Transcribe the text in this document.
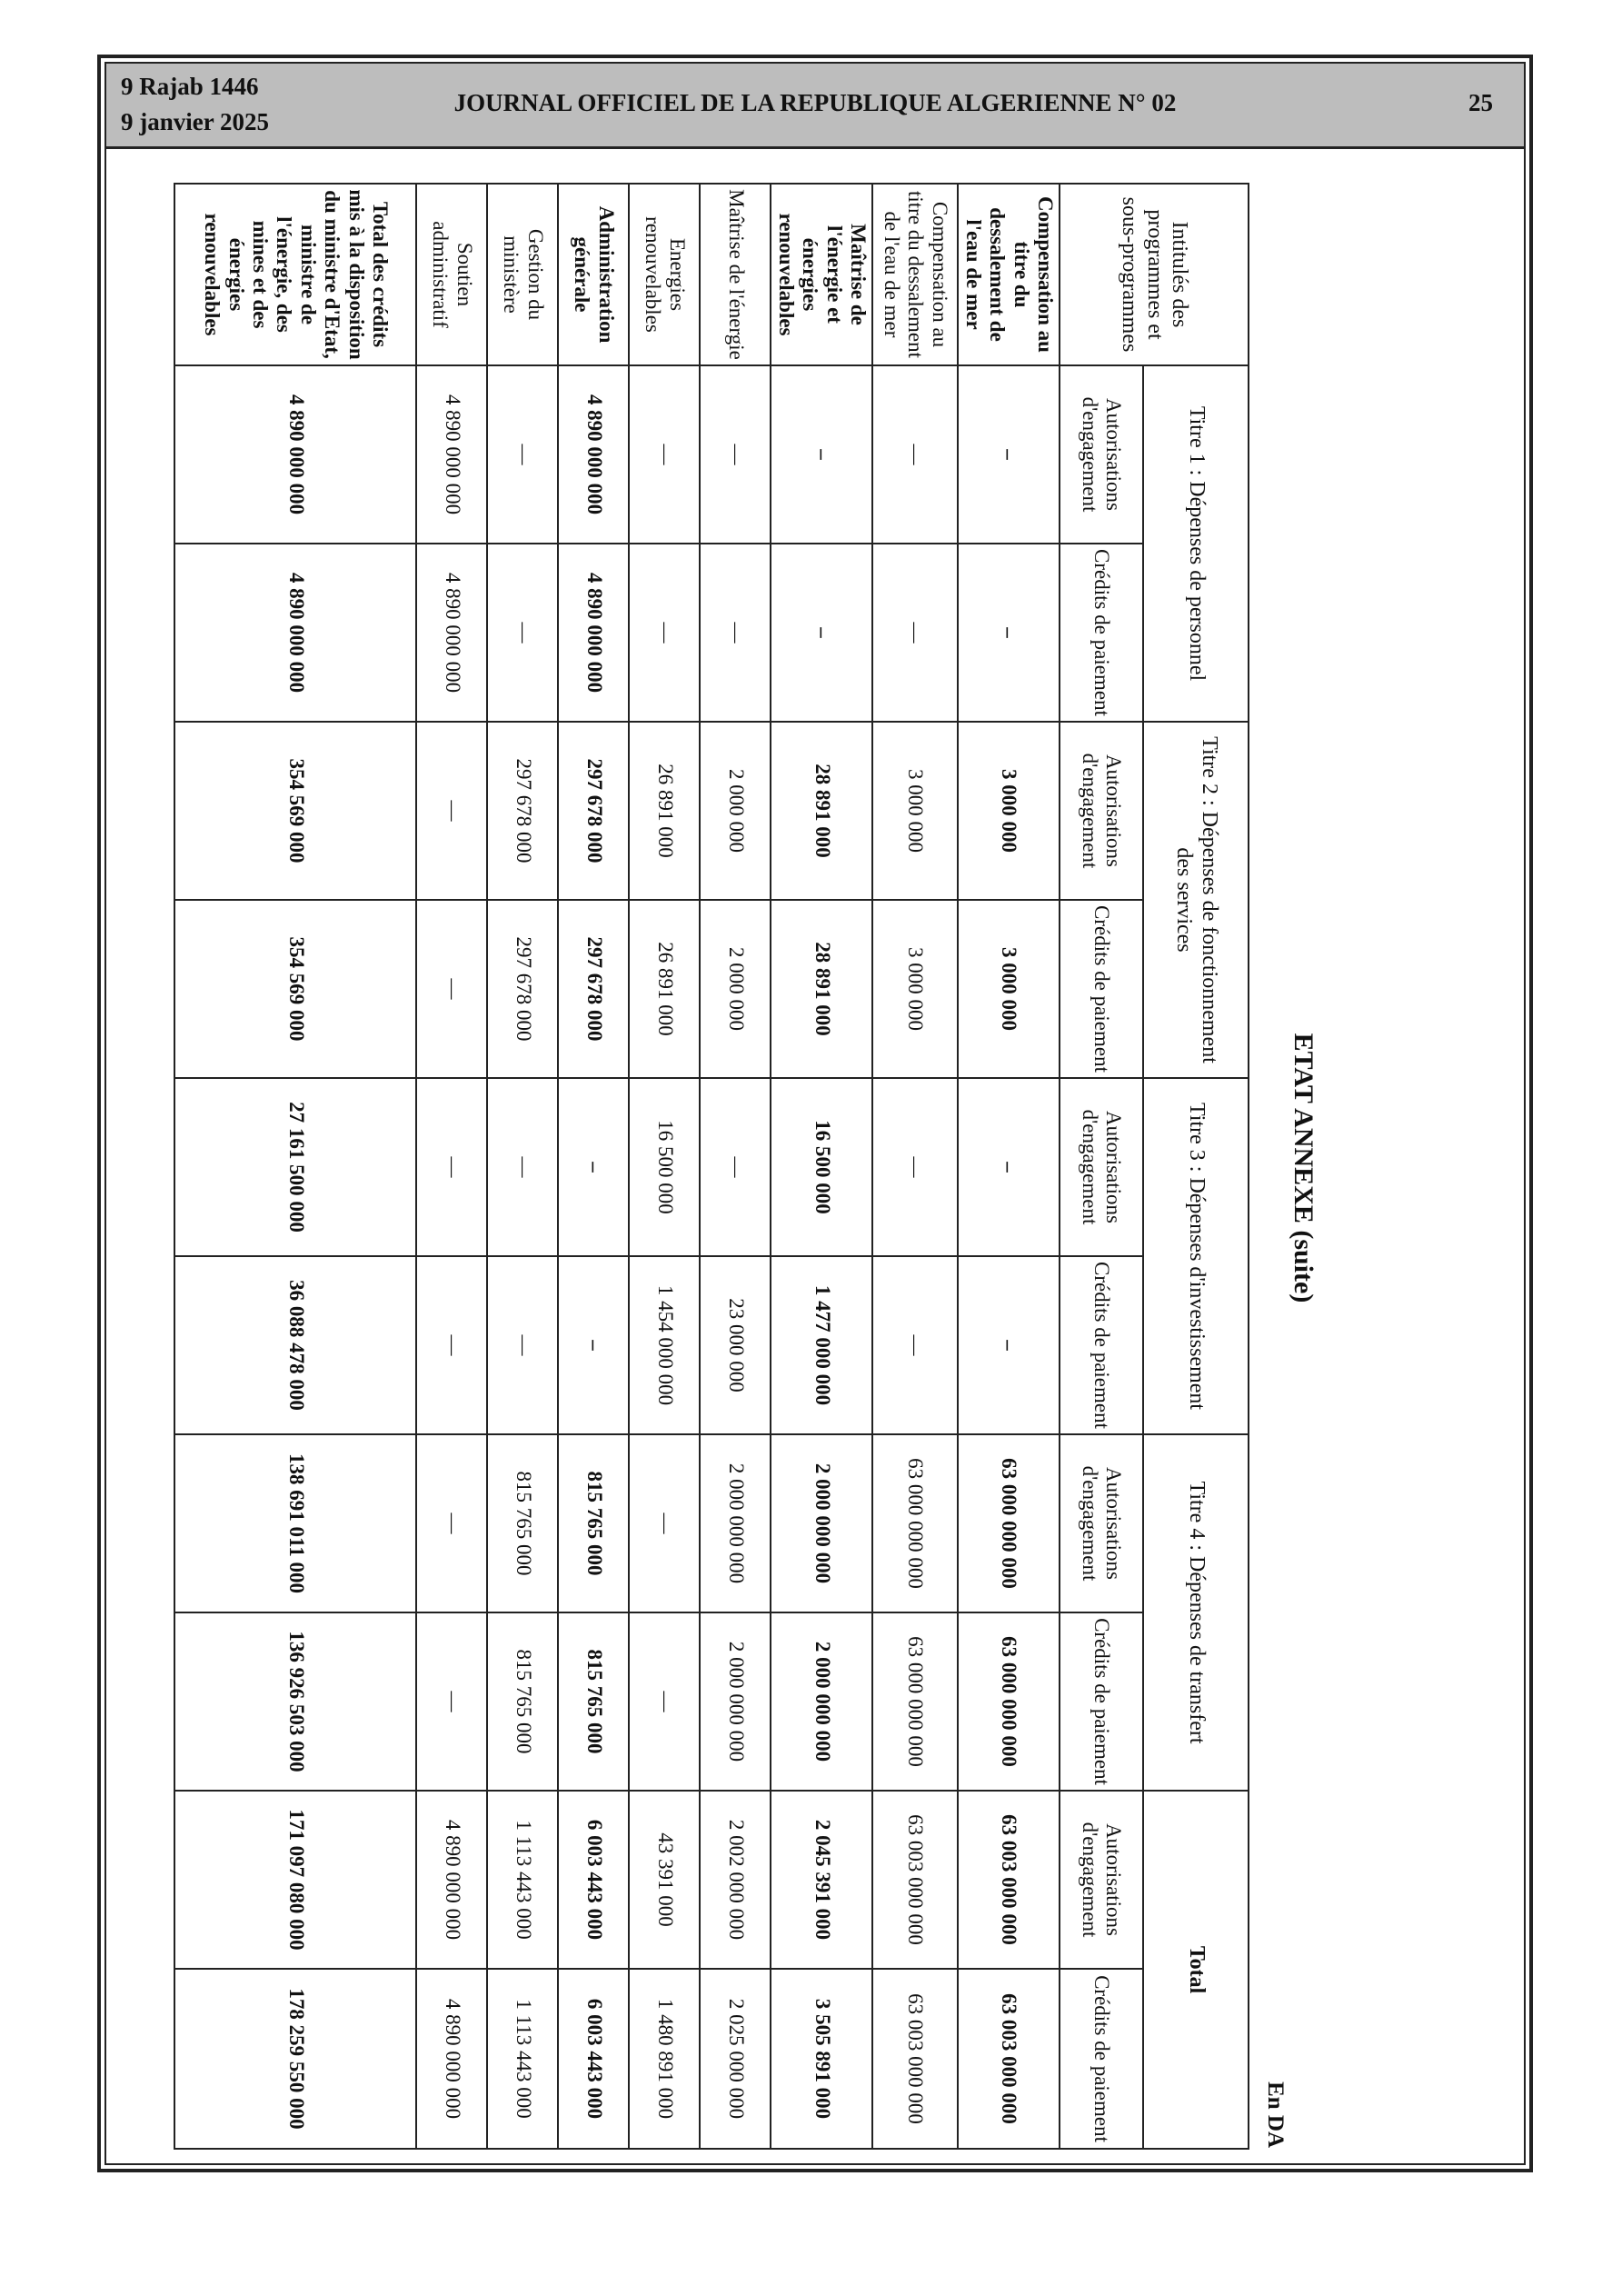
9 Rajab 1446
9 janvier 2025
JOURNAL OFFICIEL DE LA REPUBLIQUE ALGERIENNE N° 02	25
ETAT ANNEXE (suite)
En DA
Intitulés des programmes et sous-programmes	Titre 1 : Dépenses de personnel		Titre 2 : Dépenses de fonctionnement des services		Titre 3 : Dépenses d'investissement		Titre 4 : Dépenses de transfert		Total	
	Autorisations d'engagement	Crédits de paiement	Autorisations d'engagement	Crédits de paiement	Autorisations d'engagement	Crédits de paiement	Autorisations d'engagement	Crédits de paiement	Autorisations d'engagement	Crédits de paiement
Compensation au titre du dessalement de l'eau de mer	–	–	3 000 000	3 000 000	–	–	63 000 000 000	63 000 000 000	63 003 000 000	63 003 000 000
Compensation au titre du dessalement de l'eau de mer	—	—	3 000 000	3 000 000	—	—	63 000 000 000	63 000 000 000	63 003 000 000	63 003 000 000
Maîtrise de l'énergie et énergies renouvelables	–	–	28 891 000	28 891 000	16 500 000	1 477 000 000	2 000 000 000	2 000 000 000	2 045 391 000	3 505 891 000
Maîtrise de l'énergie	—	—	2 000 000	2 000 000	—	23 000 000	2 000 000 000	2 000 000 000	2 002 000 000	2 025 000 000
Energies renouvelables	—	—	26 891 000	26 891 000	16 500 000	1 454 000 000	—	—	43 391 000	1 480 891 000
Administration générale	4 890 000 000	4 890 000 000	297 678 000	297 678 000	–	–	815 765 000	815 765 000	6 003 443 000	6 003 443 000
Gestion du ministère	—	—	297 678 000	297 678 000	—	—	815 765 000	815 765 000	1 113 443 000	1 113 443 000
Soutien administratif	4 890 000 000	4 890 000 000	—	—	—	—	—	—	4 890 000 000	4 890 000 000
Total des crédits mis à la disposition du ministre d'Etat, ministre de l'énergie, des mines et des énergies renouvelables	4 890 000 000	4 890 000 000	354 569 000	354 569 000	27 161 500 000	36 088 478 000	138 691 011 000	136 926 503 000	171 097 080 000	178 259 550 000
